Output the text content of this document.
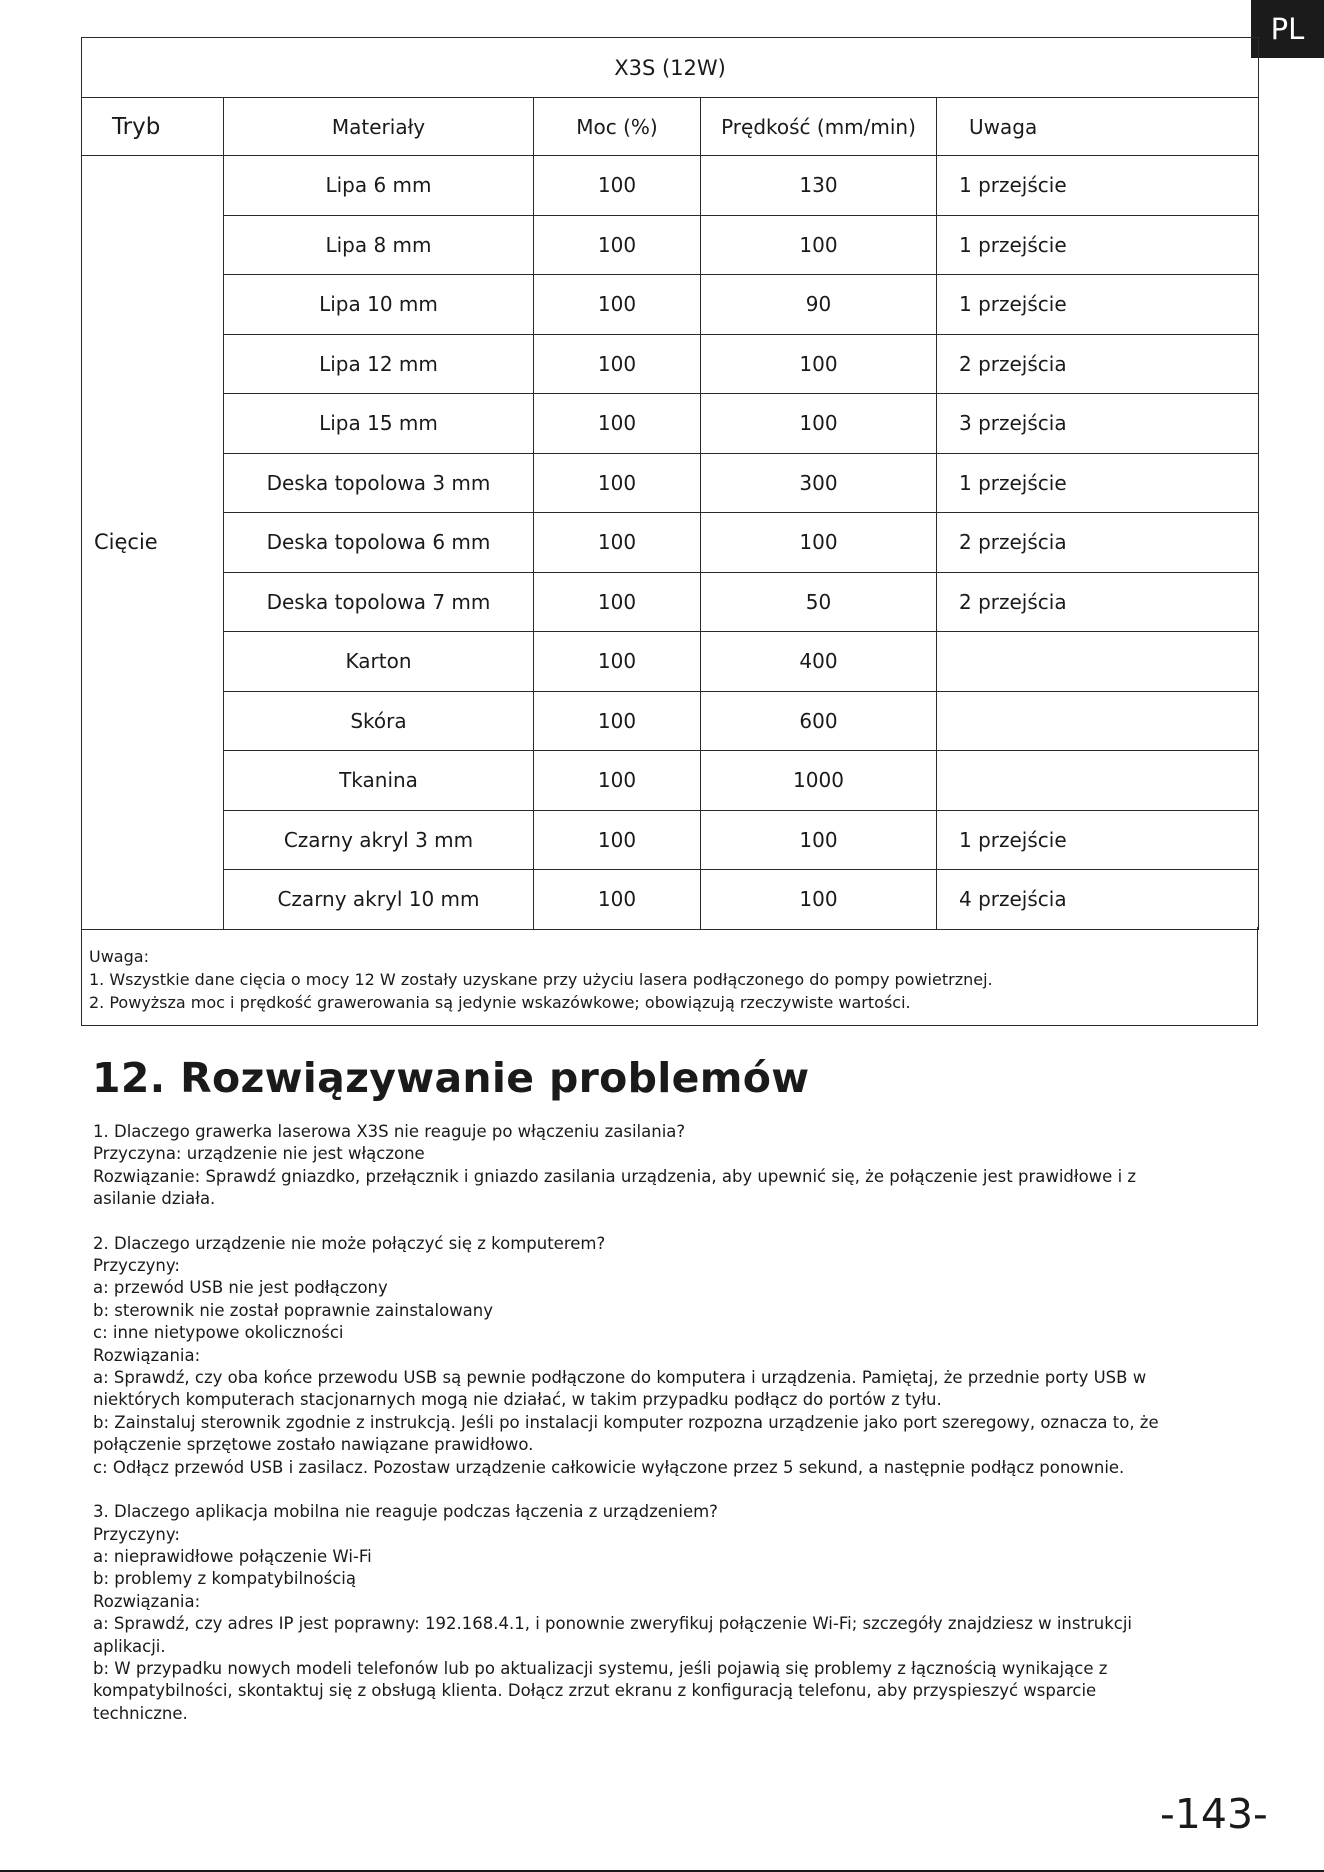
PL
X3S (12W)				
Tryb	Materiały	Moc (%)	Prędkość (mm/min)	Uwaga
Cięcie	Lipa 6 mm	100	130	1 przejście
	Lipa 8 mm	100	100	1 przejście
	Lipa 10 mm	100	90	1 przejście
	Lipa 12 mm	100	100	2 przejścia
	Lipa 15 mm	100	100	3 przejścia
	Deska topolowa 3 mm	100	300	1 przejście
	Deska topolowa 6 mm	100	100	2 przejścia
	Deska topolowa 7 mm	100	50	2 przejścia
	Karton	100	400	
	Skóra	100	600	
	Tkanina	100	1000	
	Czarny akryl 3 mm	100	100	1 przejście
	Czarny akryl 10 mm	100	100	4 przejścia

Uwaga:

1. Wszystkie dane cięcia o mocy 12 W zostały uzyskane przy użyciu lasera podłączonego do pompy powietrznej.

2. Powyższa moc i prędkość grawerowania są jedynie wskazówkowe; obowiązują rzeczywiste wartości.

12. Rozwiązywanie problemów

1. Dlaczego grawerka laserowa X3S nie reaguje po włączeniu zasilania?

Przyczyna: urządzenie nie jest włączone

Rozwiązanie: Sprawdź gniazdko, przełącznik i gniazdo zasilania urządzenia, aby upewnić się, że połączenie jest prawidłowe i z

asilanie działa.

2. Dlaczego urządzenie nie może połączyć się z komputerem?

Przyczyny:

a: przewód USB nie jest podłączony

b: sterownik nie został poprawnie zainstalowany

c: inne nietypowe okoliczności

Rozwiązania:

a: Sprawdź, czy oba końce przewodu USB są pewnie podłączone do komputera i urządzenia. Pamiętaj, że przednie porty USB w

niektórych komputerach stacjonarnych mogą nie działać, w takim przypadku podłącz do portów z tyłu.

b: Zainstaluj sterownik zgodnie z instrukcją. Jeśli po instalacji komputer rozpozna urządzenie jako port szeregowy, oznacza to, że

połączenie sprzętowe zostało nawiązane prawidłowo.

c: Odłącz przewód USB i zasilacz. Pozostaw urządzenie całkowicie wyłączone przez 5 sekund, a następnie podłącz ponownie.

3. Dlaczego aplikacja mobilna nie reaguje podczas łączenia z urządzeniem?

Przyczyny:

a: nieprawidłowe połączenie Wi-Fi

b: problemy z kompatybilnością

Rozwiązania:

a: Sprawdź, czy adres IP jest poprawny: 192.168.4.1, i ponownie zweryfikuj połączenie Wi-Fi; szczegóły znajdziesz w instrukcji

aplikacji.

b: W przypadku nowych modeli telefonów lub po aktualizacji systemu, jeśli pojawią się problemy z łącznością wynikające z

kompatybilności, skontaktuj się z obsługą klienta. Dołącz zrzut ekranu z konfiguracją telefonu, aby przyspieszyć wsparcie

techniczne.

-143-
